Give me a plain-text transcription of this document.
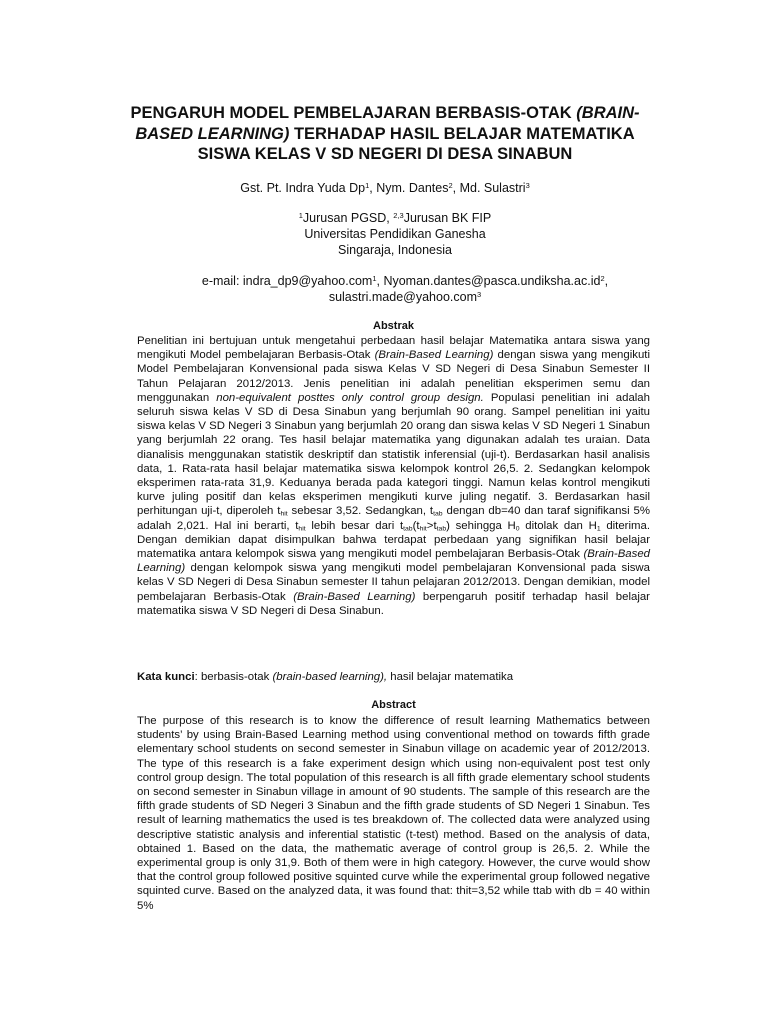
PENGARUH MODEL PEMBELAJARAN BERBASIS-OTAK (BRAIN-
BASED LEARNING) TERHADAP HASIL BELAJAR MATEMATIKA
SISWA KELAS V SD NEGERI DI DESA SINABUN
Gst. Pt. Indra Yuda Dp$^1$, Nym. Dantes$^2$, Md. Sulastri$^3$
$^1$Jurusan PGSD, $^{2,3}$Jurusan BK FIP
Universitas Pendidikan Ganesha
Singaraja, Indonesia
e-mail: indra_dp9@yahoo.com$^1$, $Nyoman.dantes@pasca.undiksha.ac.id^2$,
sulastri.made@yahoo.com$^3$
Abstrak
Penelitian ini bertujuan untuk mengetahui perbedaan hasil belajar Matematika antara siswa yang mengikuti Model pembelajaran Berbasis-Otak (Brain-Based Learning) dengan siswa yang mengikuti Model Pembelajaran Konvensional pada siswa Kelas V SD Negeri di Desa Sinabun Semester II Tahun Pelajaran 2012/2013. Jenis penelitian ini adalah penelitian eksperimen semu dan menggunakan non-equivalent posttes only control group design. Populasi penelitian ini adalah seluruh siswa kelas V SD di Desa Sinabun yang berjumlah 90 orang. Sampel penelitian ini yaitu siswa kelas V SD Negeri 3 Sinabun yang berjumlah 20 orang dan siswa kelas V SD Negeri 1 Sinabun yang berjumlah 22 orang. Tes hasil belajar matematika yang digunakan adalah tes uraian. Data dianalisis menggunakan statistik deskriptif dan statistik inferensial (uji-t). Berdasarkan hasil analisis data, 1. Rata-rata hasil belajar matematika siswa kelompok kontrol 26,5. 2. Sedangkan kelompok eksperimen rata-rata 31,9. Keduanya berada pada kategori tinggi. Namun kelas kontrol mengikuti kurve juling positif dan kelas eksperimen mengikuti kurve juling negatif. 3. Berdasarkan hasil perhitungan uji-t, diperoleh $t_{hit}$ sebesar 3,52. Sedangkan, $t_{tab}$ dengan db=40 dan taraf signifikansi 5% adalah 2,021. Hal ini berarti, $t_{hit}$ lebih besar dari $t_{tab}(t_{hit}>t_{tab})$ sehingga $H_0$ ditolak dan $H_1$ diterima. Dengan demikian dapat disimpulkan bahwa terdapat perbedaan yang signifikan hasil belajar matematika antara kelompok siswa yang mengikuti model pembelajaran Berbasis-Otak (Brain-Based Learning) dengan kelompok siswa yang mengikuti model pembelajaran Konvensional pada siswa kelas V SD Negeri di Desa Sinabun semester II tahun pelajaran 2012/2013. Dengan demikian, model pembelajaran Berbasis-Otak (Brain-Based Learning) berpengaruh positif terhadap hasil belajar matematika siswa V SD Negeri di Desa Sinabun.
Kata kunci: berbasis-otak (brain-based learning), hasil belajar matematika
Abstract
The purpose of this research is to know the difference of result learning Mathematics between students’ by using Brain-Based Learning method using conventional method on towards fifth grade elementary school students on second semester in Sinabun village on academic year of 2012/2013. The type of this research is a fake experiment design which using non-equivalent post test only control group design. The total population of this research is all fifth grade elementary school students on second semester in Sinabun village in amount of 90 students. The sample of this research are the fifth grade students of SD Negeri 3 Sinabun and the fifth grade students of SD Negeri 1 Sinabun. Tes result of learning mathematics the used is tes breakdown of. The collected data were analyzed using descriptive statistic analysis and inferential statistic (t-test) method. Based on the analysis of data, obtained 1. Based on the data, the mathematic average of control group is 26,5. 2. While the experimental group is only 31,9. Both of them were in high category. However, the curve would show that the control group followed positive squinted curve while the experimental group followed negative squinted curve. Based on the analyzed data, it was found that: thit=3,52 while ttab with db = 40 within 5%
